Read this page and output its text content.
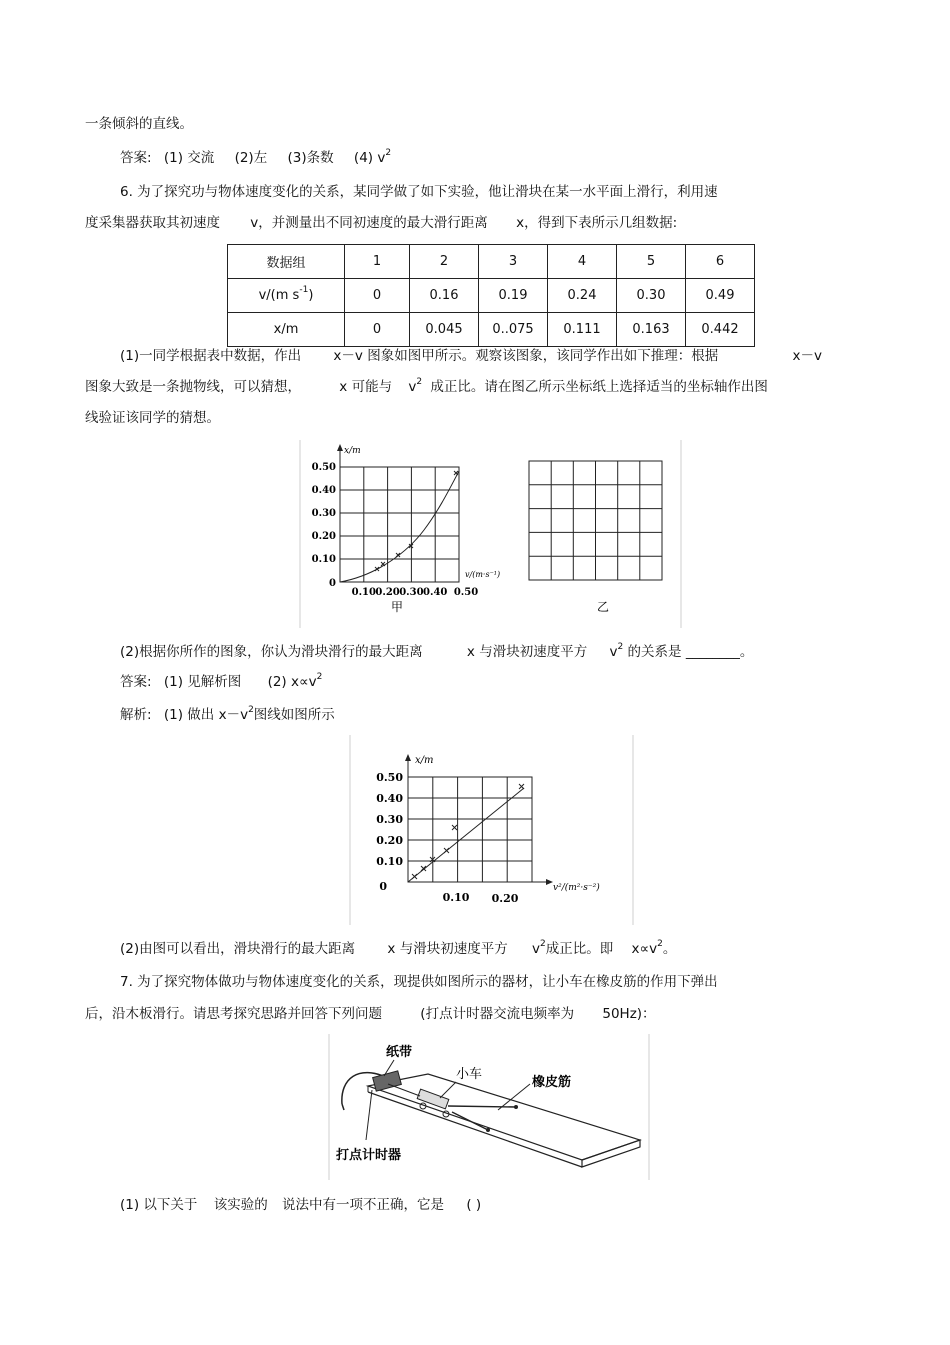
一条倾斜的直线。
答案: (1) 交流 (2)左 (3)条数 (4) $v^2$
6. 为了探究功与物体速度变化的关系，某同学做了如下实验，他让滑块在某一水平面上滑行，利用速
度采集器获取其初速度 v，并测量出不同初速度的最大滑行距离 x，得到下表所示几组数据:
数据组	1	2	3	4	5	6
v/(m $s^{-1}$)	0	0.16	0.19	0.24	0.30	0.49
x/m	0	0.045	0..075	0.111	0.163	0.442
(1)一同学根据表中数据，作出 x－v 图象如图甲所示。观察该图象，该同学作出如下推理：根据	x－v
图象大致是一条抛物线，可以猜想，	x 可能与 $v^2$ 成正比。请在图乙所示坐标纸上选择适当的坐标轴作出图
线验证该同学的猜想。
x/m
0.50
0.40
0.30
0.20
0.10
0
0.10 0.20 0.30 0.40 0.50
v/(m·s⁻¹)
甲	乙
(2)根据你所作的图象，你认为滑块滑行的最大距离	x 与滑块初速度平方 $v^2$ 的关系是 ________。
答案: (1) 见解析图 (2) $x\propto v^2$
解析: (1) 做出 $x-v^2$图线如图所示
x/m
0.50
0.40
0.30
0.20
0.10
0
0.10 0.20
v²/(m²·s⁻²)
(2)由图可以看出，滑块滑行的最大距离 x 与滑块初速度平方 $v^2$成正比。即 $x\propto v^2$。
7. 为了探究物体做功与物体速度变化的关系，现提供如图所示的器材，让小车在橡皮筋的作用下弹出
后，沿木板滑行。请思考探究思路并回答下列问题	(打点计时器交流电频率为 50Hz)：
纸带
小车
橡皮筋
打点计时器
(1) 以下关于 该实验的 说法中有一项不正确，它是 ( )
